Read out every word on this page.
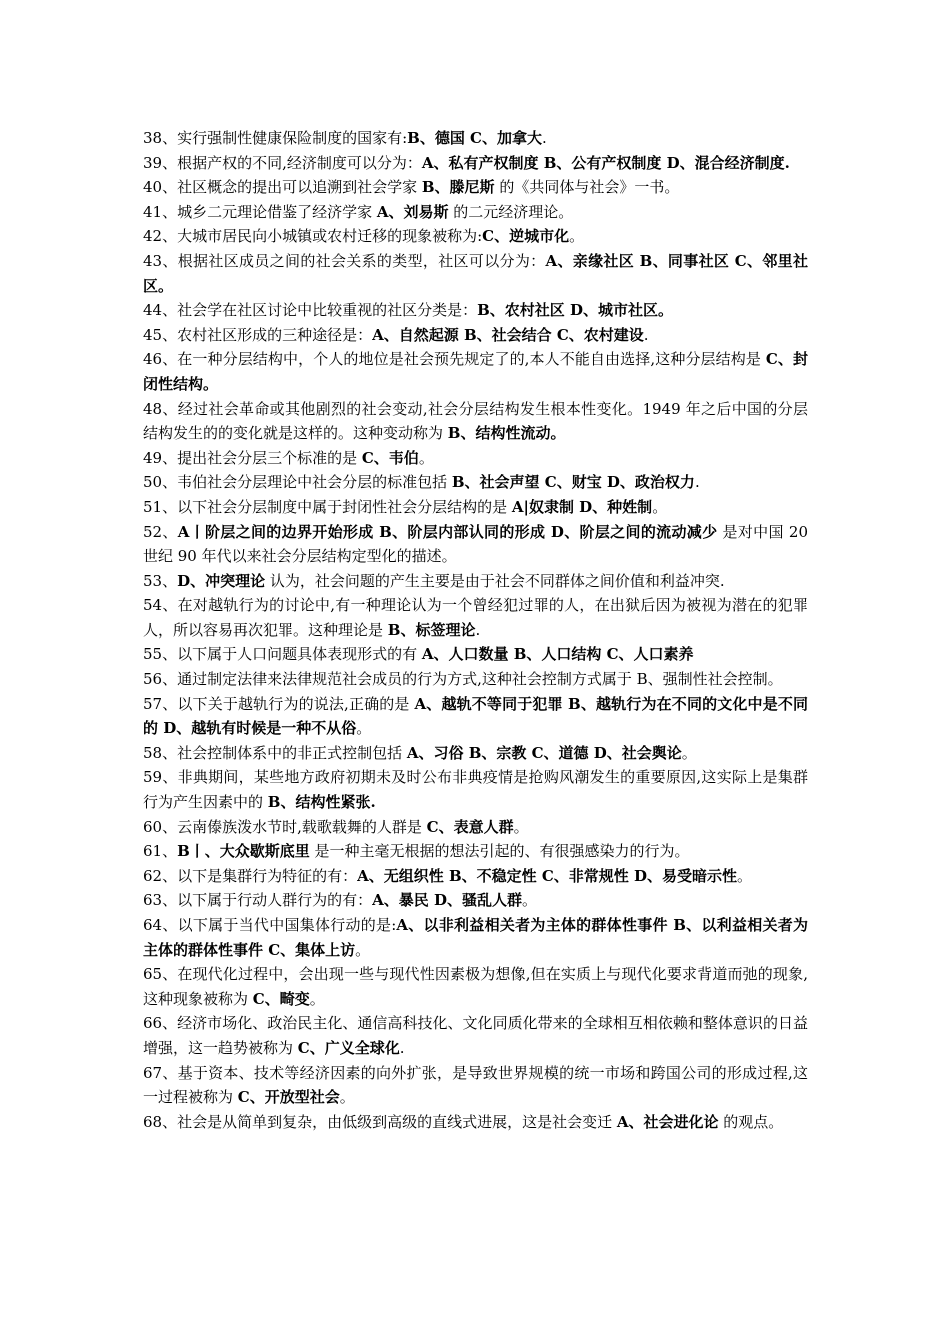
38、实行强制性健康保险制度的国家有:B、德国 C、加拿大.

39、根据产权的不同,经济制度可以分为：A、私有产权制度 B、公有产权制度 D、混合经济制度.

40、社区概念的提出可以追溯到社会学家 B、滕尼斯 的《共同体与社会》一书。

41、城乡二元理论借鉴了经济学家 A、刘易斯 的二元经济理论。

42、大城市居民向小城镇或农村迁移的现象被称为:C、逆城市化。

43、根据社区成员之间的社会关系的类型，社区可以分为：A、亲缘社区 B、同事社区 C、邻里社区。

44、社会学在社区讨论中比较重视的社区分类是：B、农村社区 D、城市社区。

45、农村社区形成的三种途径是：A、自然起源 B、社会结合 C、农村建设.

46、在一种分层结构中，个人的地位是社会预先规定了的,本人不能自由选择,这种分层结构是 C、封闭性结构。

48、经过社会革命或其他剧烈的社会变动,社会分层结构发生根本性变化。1949 年之后中国的分层结构发生的的变化就是这样的。这种变动称为 B、结构性流动。

49、提出社会分层三个标准的是 C、韦伯。

50、韦伯社会分层理论中社会分层的标准包括 B、社会声望 C、财宝 D、政治权力.

51、以下社会分层制度中属于封闭性社会分层结构的是 A|奴隶制 D、种姓制。

52、A丨阶层之间的边界开始形成 B、阶层内部认同的形成 D、阶层之间的流动减少 是对中国 20 世纪 90 年代以来社会分层结构定型化的描述。

53、D、冲突理论 认为，社会问题的产生主要是由于社会不同群体之间价值和利益冲突.

54、在对越轨行为的讨论中,有一种理论认为一个曾经犯过罪的人，在出狱后因为被视为潜在的犯罪人，所以容易再次犯罪。这种理论是 B、标签理论.

55、以下属于人口问题具体表现形式的有 A、人口数量 B、人口结构 C、人口素养

56、通过制定法律来法律规范社会成员的行为方式,这种社会控制方式属于 B、强制性社会控制。

57、以下关于越轨行为的说法,正确的是 A、越轨不等同于犯罪 B、越轨行为在不同的文化中是不同的 D、越轨有时候是一种不从俗。

58、社会控制体系中的非正式控制包括 A、习俗 B、宗教 C、道德 D、社会舆论。

59、非典期间，某些地方政府初期未及时公布非典疫情是抢购风潮发生的重要原因,这实际上是集群行为产生因素中的 B、结构性紧张.

60、云南傣族泼水节时,载歌载舞的人群是 C、表意人群。

61、B丨、大众歇斯底里 是一种主毫无根据的想法引起的、有很强感染力的行为。

62、以下是集群行为特征的有：A、无组织性 B、不稳定性 C、非常规性 D、易受暗示性。

63、以下属于行动人群行为的有：A、暴民 D、骚乱人群。

64、以下属于当代中国集体行动的是:A、以非利益相关者为主体的群体性事件 B、以利益相关者为主体的群体性事件 C、集体上访。

65、在现代化过程中，会出现一些与现代性因素极为想像,但在实质上与现代化要求背道而弛的现象,这种现象被称为 C、畸变。

66、经济市场化、政治民主化、通信高科技化、文化同质化带来的全球相互相依赖和整体意识的日益增强，这一趋势被称为 C、广义全球化.

67、基于资本、技术等经济因素的向外扩张，是导致世界规模的统一市场和跨国公司的形成过程,这一过程被称为 C、开放型社会。

68、社会是从简单到复杂，由低级到高级的直线式进展，这是社会变迁 A、社会进化论 的观点。
